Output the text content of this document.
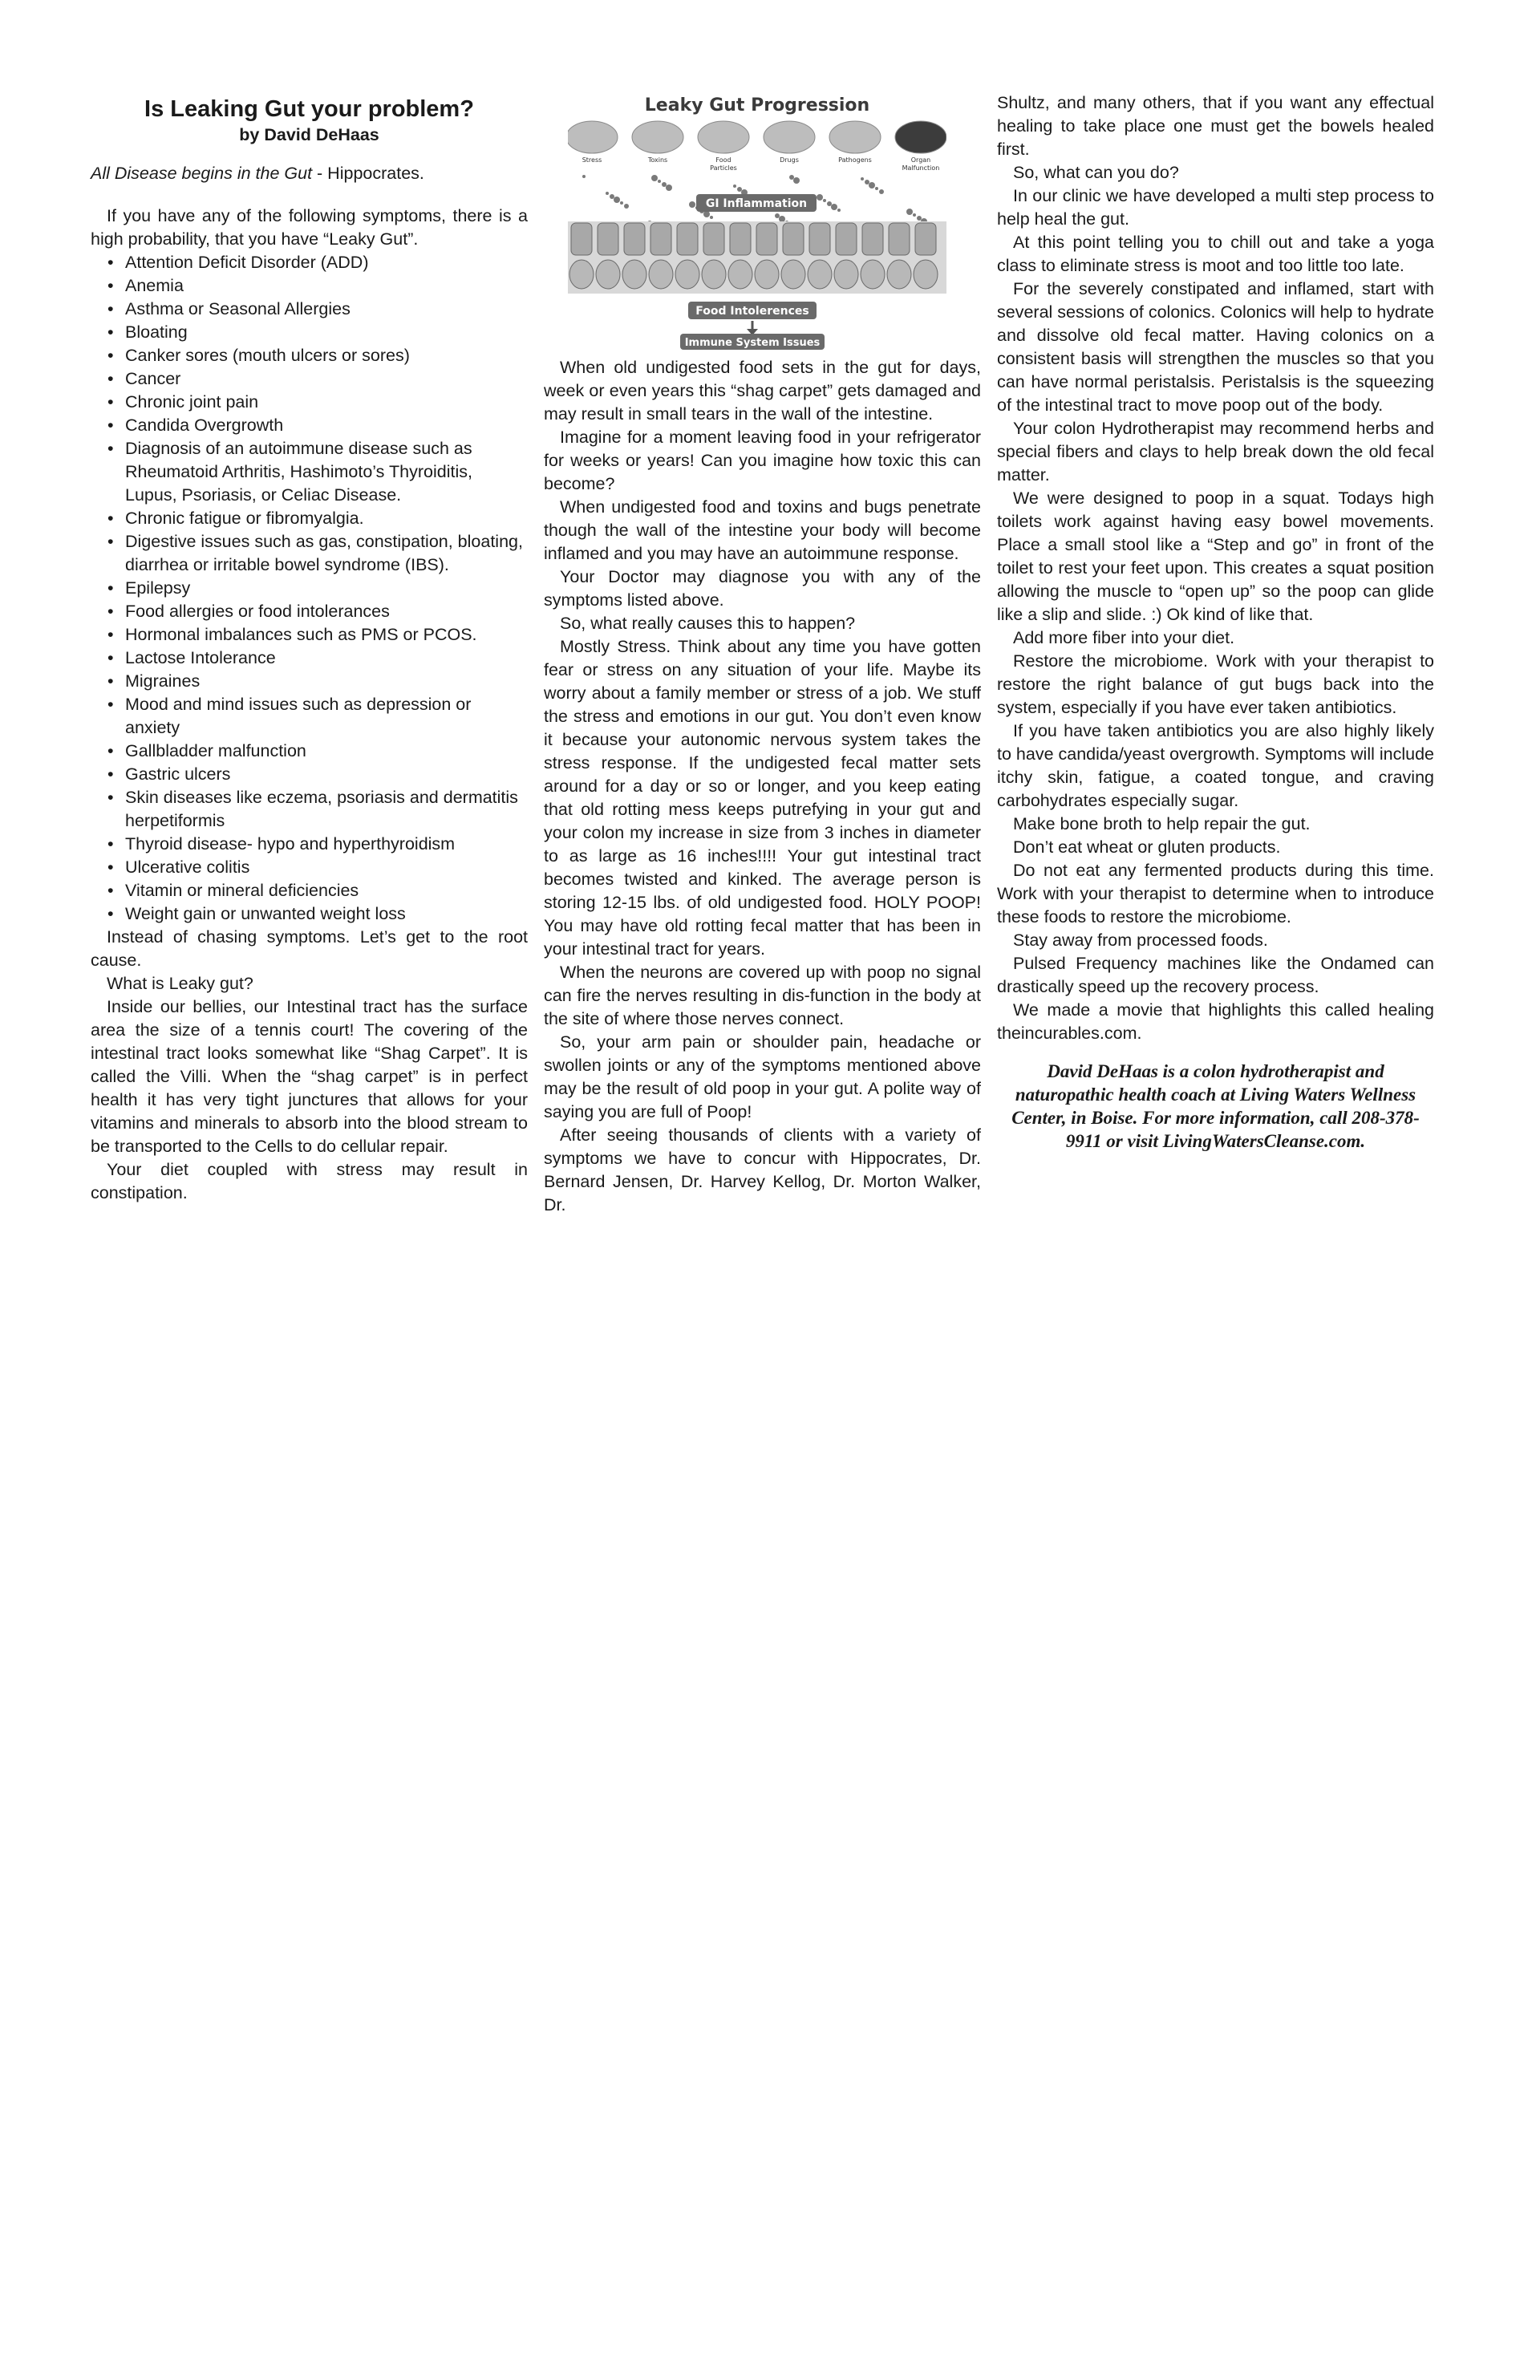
Is Leaking Gut your problem?
by David DeHaas
All Disease begins in the Gut - Hippocrates.

If you have any of the following symptoms, there is a high probability, that you have “Leaky Gut”.

• Attention Deficit Disorder (ADD)
• Anemia
• Asthma or Seasonal Allergies
• Bloating
• Canker sores (mouth ulcers or sores)
• Cancer
• Chronic joint pain
• Candida Overgrowth
• Diagnosis of an autoimmune disease such as Rheumatoid Arthritis, Hashimoto’s Thyroiditis, Lupus, Psoriasis, or Celiac Disease.
• Chronic fatigue or fibromyalgia.
• Digestive issues such as gas, constipation, bloating, diarrhea or irritable bowel syndrome (IBS).
• Epilepsy
• Food allergies or food intolerances
• Hormonal imbalances such as PMS or PCOS.
• Lactose Intolerance
• Migraines
• Mood and mind issues such as depression or anxiety
• Gallbladder malfunction
• Gastric ulcers
• Skin diseases like eczema, psoriasis and dermatitis herpetiformis
• Thyroid disease- hypo and hyperthyroidism
• Ulcerative colitis
• Vitamin or mineral deficiencies
• Weight gain or unwanted weight loss

Instead of chasing symptoms. Let’s get to the root cause.

What is Leaky gut?

Inside our bellies, our Intestinal tract has the surface area the size of a tennis court! The covering of the intestinal tract looks somewhat like “Shag Carpet”. It is called the Villi. When the “shag carpet” is in perfect health it has very tight junctures that allows for your vitamins and minerals to absorb into the blood stream to be transported to the Cells to do cellular repair.

Your diet coupled with stress may result in constipation.

Leaky Gut Progression
Stress	Toxins	Food
Particles
Drugs	Pathogens	Organ
Malfunction
GI Inflammation
Food Intolerences
Immune System Issues

When old undigested food sets in the gut for days, week or even years this “shag carpet” gets damaged and may result in small tears in the wall of the intestine.

Imagine for a moment leaving food in your refrigerator for weeks or years! Can you imagine how toxic this can become?

When undigested food and toxins and bugs penetrate though the wall of the intestine your body will become inflamed and you may have an autoimmune response.

Your Doctor may diagnose you with any of the symptoms listed above.

So, what really causes this to happen?

Mostly Stress. Think about any time you have gotten fear or stress on any situation of your life. Maybe its worry about a family member or stress of a job. We stuff the stress and emotions in our gut. You don’t even know it because your autonomic nervous system takes the stress response. If the undigested fecal matter sets around for a day or so or longer, and you keep eating that old rotting mess keeps putrefying in your gut and your colon my increase in size from 3 inches in diameter to as large as 16 inches!!!! Your gut intestinal tract becomes twisted and kinked. The average person is storing 12-15 lbs. of old undigested food. HOLY POOP! You may have old rotting fecal matter that has been in your intestinal tract for years.

When the neurons are covered up with poop no signal can fire the nerves resulting in dis-function in the body at the site of where those nerves connect.

So, your arm pain or shoulder pain, headache or swollen joints or any of the symptoms mentioned above may be the result of old poop in your gut. A polite way of saying you are full of Poop!

After seeing thousands of clients with a variety of symptoms we have to concur with Hippocrates, Dr. Bernard Jensen, Dr. Harvey Kellog, Dr. Morton Walker, Dr.

Shultz, and many others, that if you want any effectual healing to take place one must get the bowels healed first.

So, what can you do?

In our clinic we have developed a multi step process to help heal the gut.

At this point telling you to chill out and take a yoga class to eliminate stress is moot and too little too late.

For the severely constipated and inflamed, start with several sessions of colonics. Colonics will help to hydrate and dissolve old fecal matter. Having colonics on a consistent basis will strengthen the muscles so that you can have normal peristalsis. Peristalsis is the squeezing of the intestinal tract to move poop out of the body.

Your colon Hydrotherapist may recommend herbs and special fibers and clays to help break down the old fecal matter.

We were designed to poop in a squat. Todays high toilets work against having easy bowel movements. Place a small stool like a “Step and go” in front of the toilet to rest your feet upon. This creates a squat position allowing the muscle to “open up” so the poop can glide like a slip and slide. :) Ok kind of like that.

Add more fiber into your diet.

Restore the microbiome. Work with your therapist to restore the right balance of gut bugs back into the system, especially if you have ever taken antibiotics.

If you have taken antibiotics you are also highly likely to have candida/yeast overgrowth. Symptoms will include itchy skin, fatigue, a coated tongue, and craving carbohydrates especially sugar.

Make bone broth to help repair the gut.

Don’t eat wheat or gluten products.

Do not eat any fermented products during this time. Work with your therapist to determine when to introduce these foods to restore the microbiome.

Stay away from processed foods.

Pulsed Frequency machines like the Ondamed can drastically speed up the recovery process.

We made a movie that highlights this called healing theincurables.com.

David DeHaas is a colon hydrotherapist and naturopathic health coach at Living Waters Wellness Center, in Boise. For more information, call 208-378-9911 or visit LivingWatersCleanse.com.
